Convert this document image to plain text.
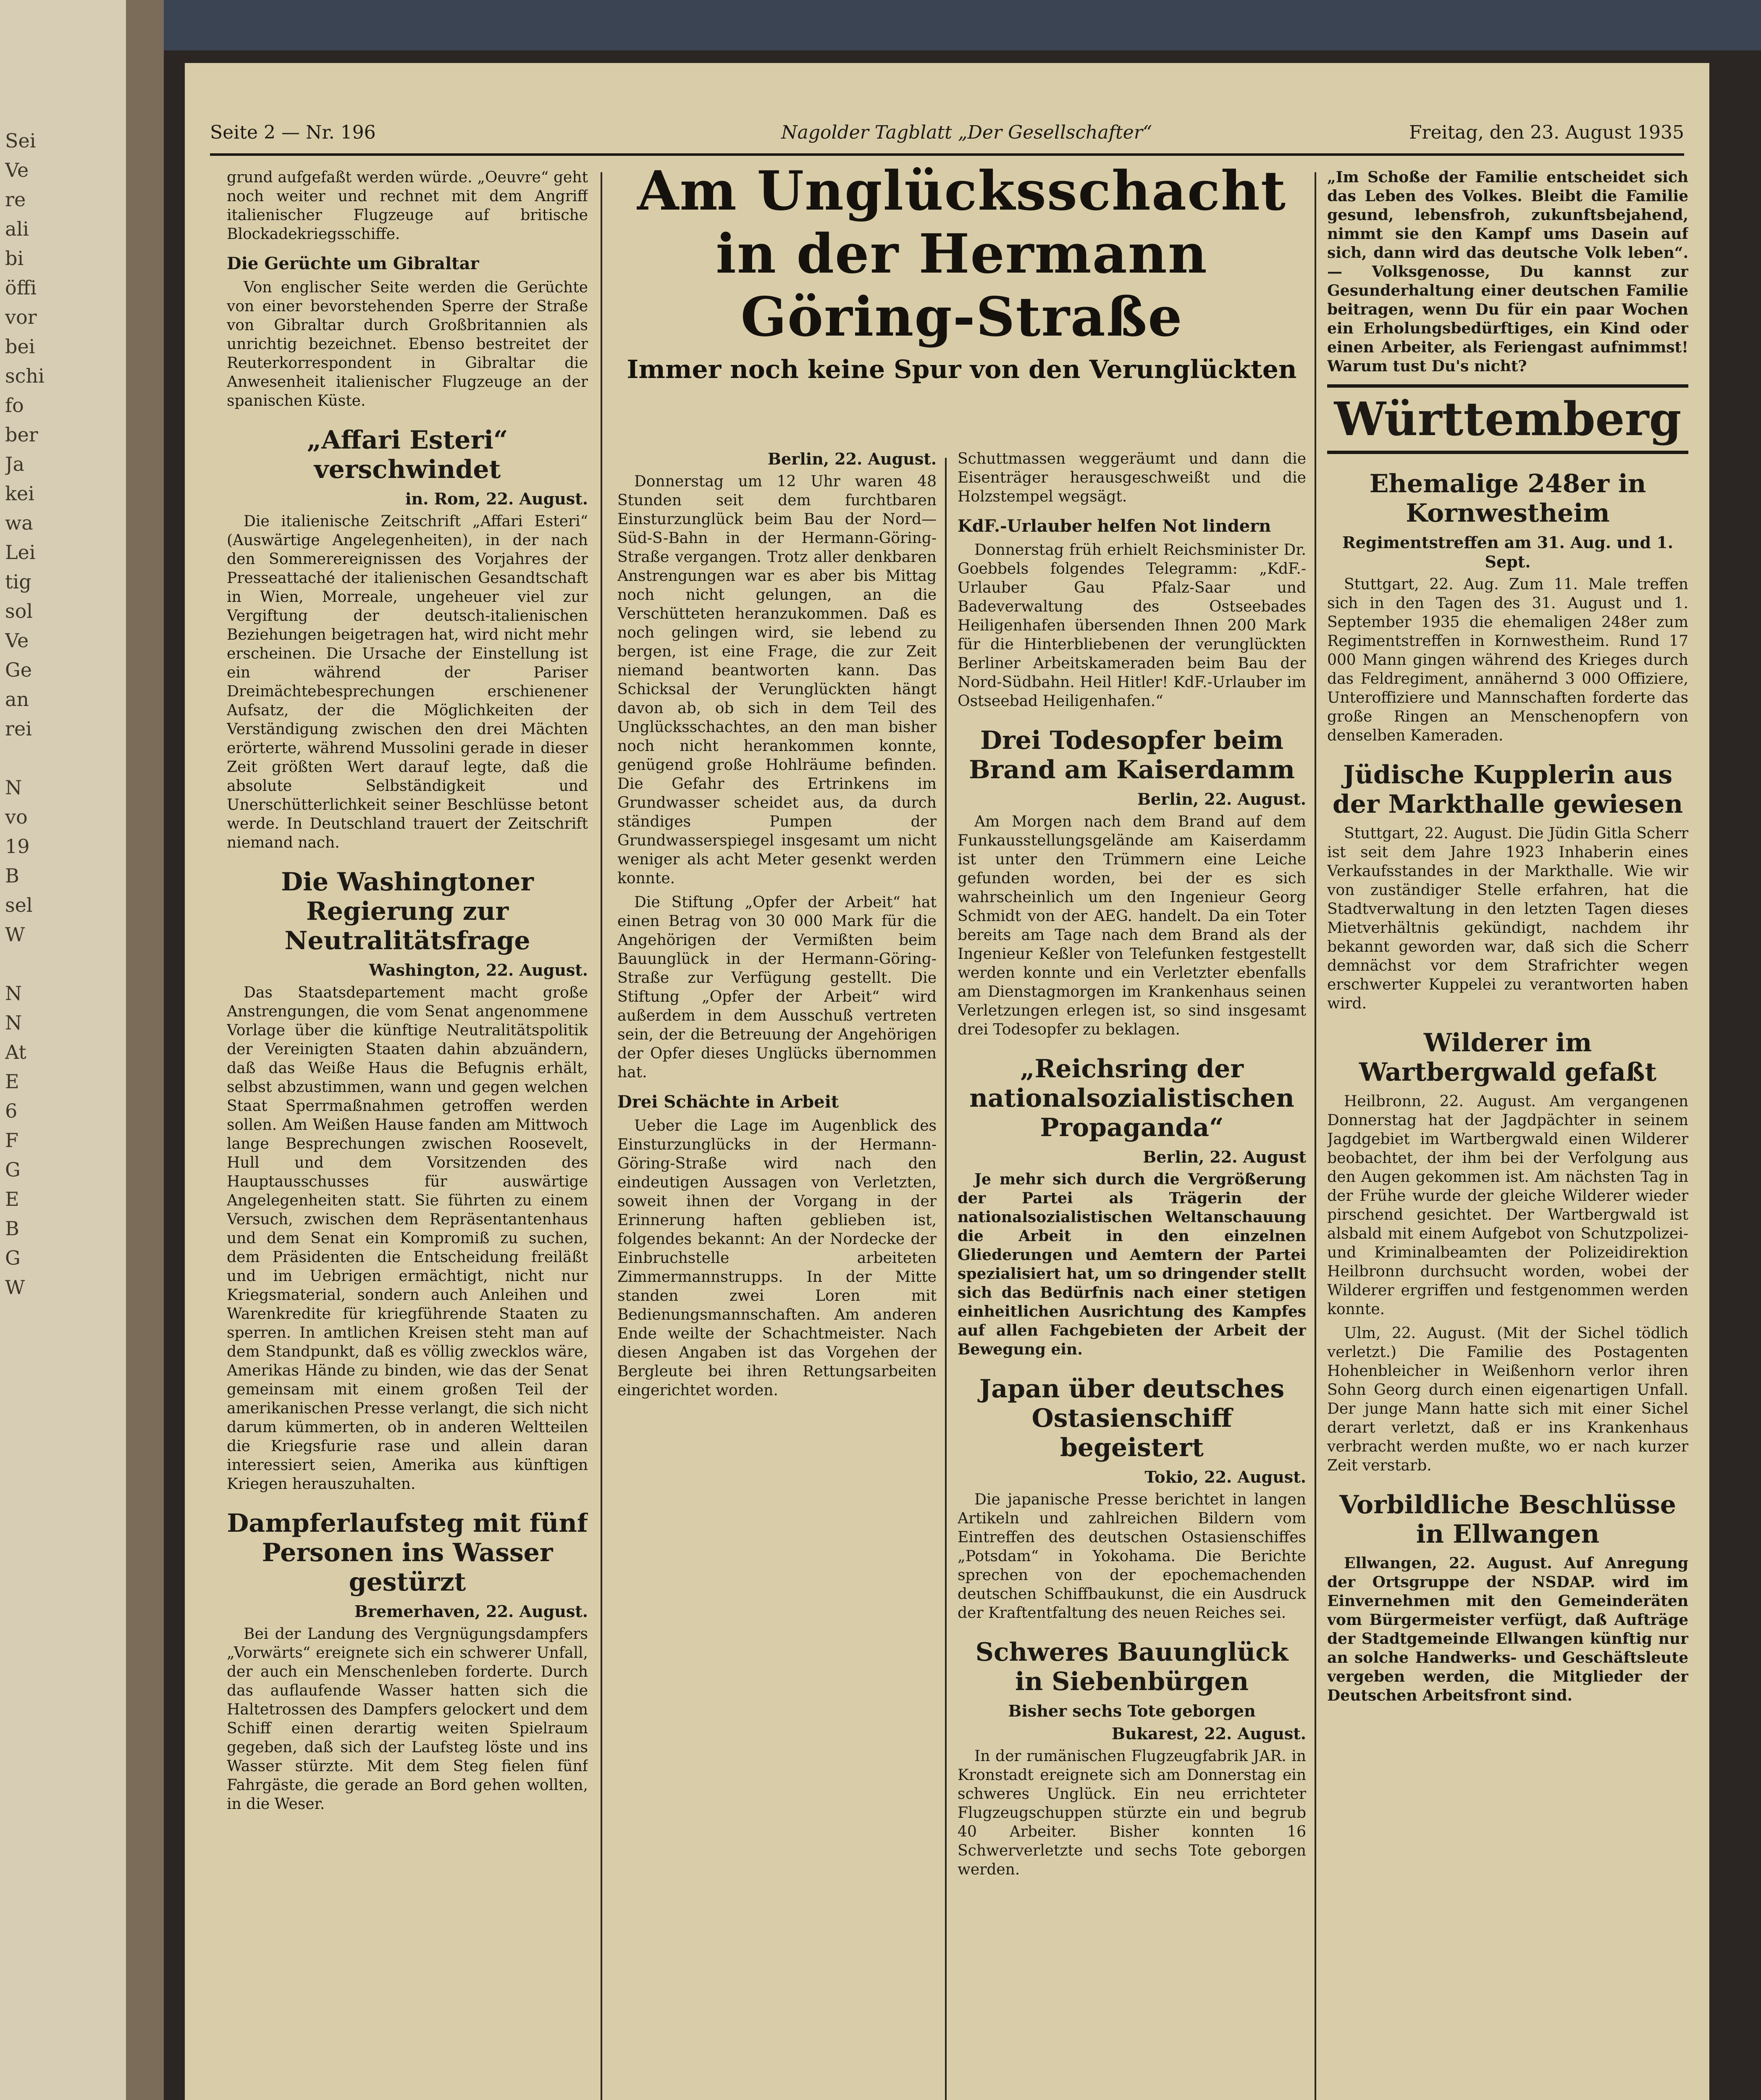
Sei
Ve
re
ali
bi
öffi
vor
bei
schi
fo
ber
Ja
kei
wa
Lei
tig
sol
Ve
Ge
an
rei

N
vo
19
B
sel
W

N
N
At
E
6
F
G
E
B
G
W
Seite 2 — Nr. 196	Nagolder Tagblatt „Der Gesellschafter“	Freitag, den 23. August 1935

grund aufgefaßt werden würde. „Oeuvre“ geht noch weiter und rechnet mit dem Angriff italienischer Flugzeuge auf britische Blockadekriegsschiffe.

Die Gerüchte um Gibraltar

Von englischer Seite werden die Gerüchte von einer bevorstehenden Sperre der Straße von Gibraltar durch Großbritannien als unrichtig bezeichnet. Ebenso bestreitet der Reuterkorrespondent in Gibraltar die Anwesenheit italienischer Flugzeuge an der spanischen Küste.

„Affari Esteri“ verschwindet
in. Rom, 22. August.

Die italienische Zeitschrift „Affari Esteri“ (Auswärtige Angelegenheiten), in der nach den Sommerereignissen des Vorjahres der Presseattaché der italienischen Gesandtschaft in Wien, Morreale, ungeheuer viel zur Vergiftung der deutsch-italienischen Beziehungen beigetragen hat, wird nicht mehr erscheinen. Die Ursache der Einstellung ist ein während der Pariser Dreimächtebesprechungen erschienener Aufsatz, der die Möglichkeiten der Verständigung zwischen den drei Mächten erörterte, während Mussolini gerade in dieser Zeit größten Wert darauf legte, daß die absolute Selbständigkeit und Unerschütterlichkeit seiner Beschlüsse betont werde. In Deutschland trauert der Zeitschrift niemand nach.

Die Washingtoner Regierung zur Neutralitätsfrage
Washington, 22. August.

Das Staatsdepartement macht große Anstrengungen, die vom Senat angenommene Vorlage über die künftige Neutralitätspolitik der Vereinigten Staaten dahin abzuändern, daß das Weiße Haus die Befugnis erhält, selbst abzustimmen, wann und gegen welchen Staat Sperrmaßnahmen getroffen werden sollen. Am Weißen Hause fanden am Mittwoch lange Besprechungen zwischen Roosevelt, Hull und dem Vorsitzenden des Hauptausschusses für auswärtige Angelegenheiten statt. Sie führten zu einem Versuch, zwischen dem Repräsentantenhaus und dem Senat ein Kompromiß zu suchen, dem Präsidenten die Entscheidung freiläßt und im Uebrigen ermächtigt, nicht nur Kriegsmaterial, sondern auch Anleihen und Warenkredite für kriegführende Staaten zu sperren. In amtlichen Kreisen steht man auf dem Standpunkt, daß es völlig zwecklos wäre, Amerikas Hände zu binden, wie das der Senat gemeinsam mit einem großen Teil der amerikanischen Presse verlangt, die sich nicht darum kümmerten, ob in anderen Weltteilen die Kriegsfurie rase und allein daran interessiert seien, Amerika aus künftigen Kriegen herauszuhalten.

Dampferlaufsteg mit fünf Personen ins Wasser gestürzt
Bremerhaven, 22. August.

Bei der Landung des Vergnügungsdampfers „Vorwärts“ ereignete sich ein schwerer Unfall, der auch ein Menschenleben forderte. Durch das auflaufende Wasser hatten sich die Haltetrossen des Dampfers gelockert und dem Schiff einen derartig weiten Spielraum gegeben, daß sich der Laufsteg löste und ins Wasser stürzte. Mit dem Steg fielen fünf Fahrgäste, die gerade an Bord gehen wollten, in die Weser.

Am Unglücksschacht in der Hermann Göring-Straße
Immer noch keine Spur von den Verunglückten
Berlin, 22. August.

Donnerstag um 12 Uhr waren 48 Stunden seit dem furchtbaren Einsturzunglück beim Bau der Nord—Süd-S-Bahn in der Hermann-Göring-Straße vergangen. Trotz aller denkbaren Anstrengungen war es aber bis Mittag noch nicht gelungen, an die Verschütteten heranzukommen. Daß es noch gelingen wird, sie lebend zu bergen, ist eine Frage, die zur Zeit niemand beantworten kann. Das Schicksal der Verunglückten hängt davon ab, ob sich in dem Teil des Unglücksschachtes, an den man bisher noch nicht herankommen konnte, genügend große Hohlräume befinden. Die Gefahr des Ertrinkens im Grundwasser scheidet aus, da durch ständiges Pumpen der Grundwasserspiegel insgesamt um nicht weniger als acht Meter gesenkt werden konnte.

Die Stiftung „Opfer der Arbeit“ hat einen Betrag von 30 000 Mark für die Angehörigen der Vermißten beim Bauunglück in der Hermann-Göring-Straße zur Verfügung gestellt. Die Stiftung „Opfer der Arbeit“ wird außerdem in dem Ausschuß vertreten sein, der die Betreuung der Angehörigen der Opfer dieses Unglücks übernommen hat.

Drei Schächte in Arbeit

Ueber die Lage im Augenblick des Einsturzunglücks in der Hermann-Göring-Straße wird nach den eindeutigen Aussagen von Verletzten, soweit ihnen der Vorgang in der Erinnerung haften geblieben ist, folgendes bekannt: An der Nordecke der Einbruchstelle arbeiteten Zimmermannstrupps. In der Mitte standen zwei Loren mit Bedienungsmannschaften. Am anderen Ende weilte der Schachtmeister. Nach diesen Angaben ist das Vorgehen der Bergleute bei ihren Rettungsarbeiten eingerichtet worden.

Schuttmassen weggeräumt und dann die Eisenträger herausgeschweißt und die Holzstempel wegsägt.

KdF.-Urlauber helfen Not lindern

Donnerstag früh erhielt Reichsminister Dr. Goebbels folgendes Telegramm: „KdF.-Urlauber Gau Pfalz-Saar und Badeverwaltung des Ostseebades Heiligenhafen übersenden Ihnen 200 Mark für die Hinterbliebenen der verunglückten Berliner Arbeitskameraden beim Bau der Nord-Südbahn. Heil Hitler! KdF.-Urlauber im Ostseebad Heiligenhafen.“

Drei Todesopfer beim Brand am Kaiserdamm
Berlin, 22. August.

Am Morgen nach dem Brand auf dem Funkausstellungsgelände am Kaiserdamm ist unter den Trümmern eine Leiche gefunden worden, bei der es sich wahrscheinlich um den Ingenieur Georg Schmidt von der AEG. handelt. Da ein Toter bereits am Tage nach dem Brand als der Ingenieur Keßler von Telefunken festgestellt werden konnte und ein Verletzter ebenfalls am Dienstagmorgen im Krankenhaus seinen Verletzungen erlegen ist, so sind insgesamt drei Todesopfer zu beklagen.

„Reichsring der nationalsozialistischen Propaganda“
Berlin, 22. August

Je mehr sich durch die Vergrößerung der Partei als Trägerin der nationalsozialistischen Weltanschauung die Arbeit in den einzelnen Gliederungen und Aemtern der Partei spezialisiert hat, um so dringender stellt sich das Bedürfnis nach einer stetigen einheitlichen Ausrichtung des Kampfes auf allen Fachgebieten der Arbeit der Bewegung ein.

Japan über deutsches Ostasienschiff begeistert
Tokio, 22. August.

Die japanische Presse berichtet in langen Artikeln und zahlreichen Bildern vom Eintreffen des deutschen Ostasienschiffes „Potsdam“ in Yokohama. Die Berichte sprechen von der epochemachenden deutschen Schiffbaukunst, die ein Ausdruck der Kraftentfaltung des neuen Reiches sei.

Schweres Bauunglück in Siebenbürgen
Bisher sechs Tote geborgen
Bukarest, 22. August.

In der rumänischen Flugzeugfabrik JAR. in Kronstadt ereignete sich am Donnerstag ein schweres Unglück. Ein neu errichteter Flugzeugschuppen stürzte ein und begrub 40 Arbeiter. Bisher konnten 16 Schwerverletzte und sechs Tote geborgen werden.

„Im Schoße der Familie entscheidet sich das Leben des Volkes. Bleibt die Familie gesund, lebensfroh, zukunftsbejahend, nimmt sie den Kampf ums Dasein auf sich, dann wird das deutsche Volk leben“. — Volksgenosse, Du kannst zur Gesunderhaltung einer deutschen Familie beitragen, wenn Du für ein paar Wochen ein Erholungsbedürftiges, ein Kind oder einen Arbeiter, als Feriengast aufnimmst! Warum tust Du's nicht?

Württemberg
Ehemalige 248er in Kornwestheim
Regimentstreffen am 31. Aug. und 1. Sept.

Stuttgart, 22. Aug. Zum 11. Male treffen sich in den Tagen des 31. August und 1. September 1935 die ehemaligen 248er zum Regimentstreffen in Kornwestheim. Rund 17 000 Mann gingen während des Krieges durch das Feldregiment, annähernd 3 000 Offiziere, Unteroffiziere und Mannschaften forderte das große Ringen an Menschenopfern von denselben Kameraden.

Jüdische Kupplerin aus der Markthalle gewiesen

Stuttgart, 22. August. Die Jüdin Gitla Scherr ist seit dem Jahre 1923 Inhaberin eines Verkaufsstandes in der Markthalle. Wie wir von zuständiger Stelle erfahren, hat die Stadtverwaltung in den letzten Tagen dieses Mietverhältnis gekündigt, nachdem ihr bekannt geworden war, daß sich die Scherr demnächst vor dem Strafrichter wegen erschwerter Kuppelei zu verantworten haben wird.

Wilderer im Wartbergwald gefaßt

Heilbronn, 22. August. Am vergangenen Donnerstag hat der Jagdpächter in seinem Jagdgebiet im Wartbergwald einen Wilderer beobachtet, der ihm bei der Verfolgung aus den Augen gekommen ist. Am nächsten Tag in der Frühe wurde der gleiche Wilderer wieder pirschend gesichtet. Der Wartbergwald ist alsbald mit einem Aufgebot von Schutzpolizei- und Kriminalbeamten der Polizeidirektion Heilbronn durchsucht worden, wobei der Wilderer ergriffen und festgenommen werden konnte.

Ulm, 22. August. (Mit der Sichel tödlich verletzt.) Die Familie des Postagenten Hohenbleicher in Weißenhorn verlor ihren Sohn Georg durch einen eigenartigen Unfall. Der junge Mann hatte sich mit einer Sichel derart verletzt, daß er ins Krankenhaus verbracht werden mußte, wo er nach kurzer Zeit verstarb.

Vorbildliche Beschlüsse in Ellwangen

Ellwangen, 22. August. Auf Anregung der Ortsgruppe der NSDAP. wird im Einvernehmen mit den Gemeinderäten vom Bürgermeister verfügt, daß Aufträge der Stadtgemeinde Ellwangen künftig nur an solche Handwerks- und Geschäftsleute vergeben werden, die Mitglieder der Deutschen Arbeitsfront sind.
